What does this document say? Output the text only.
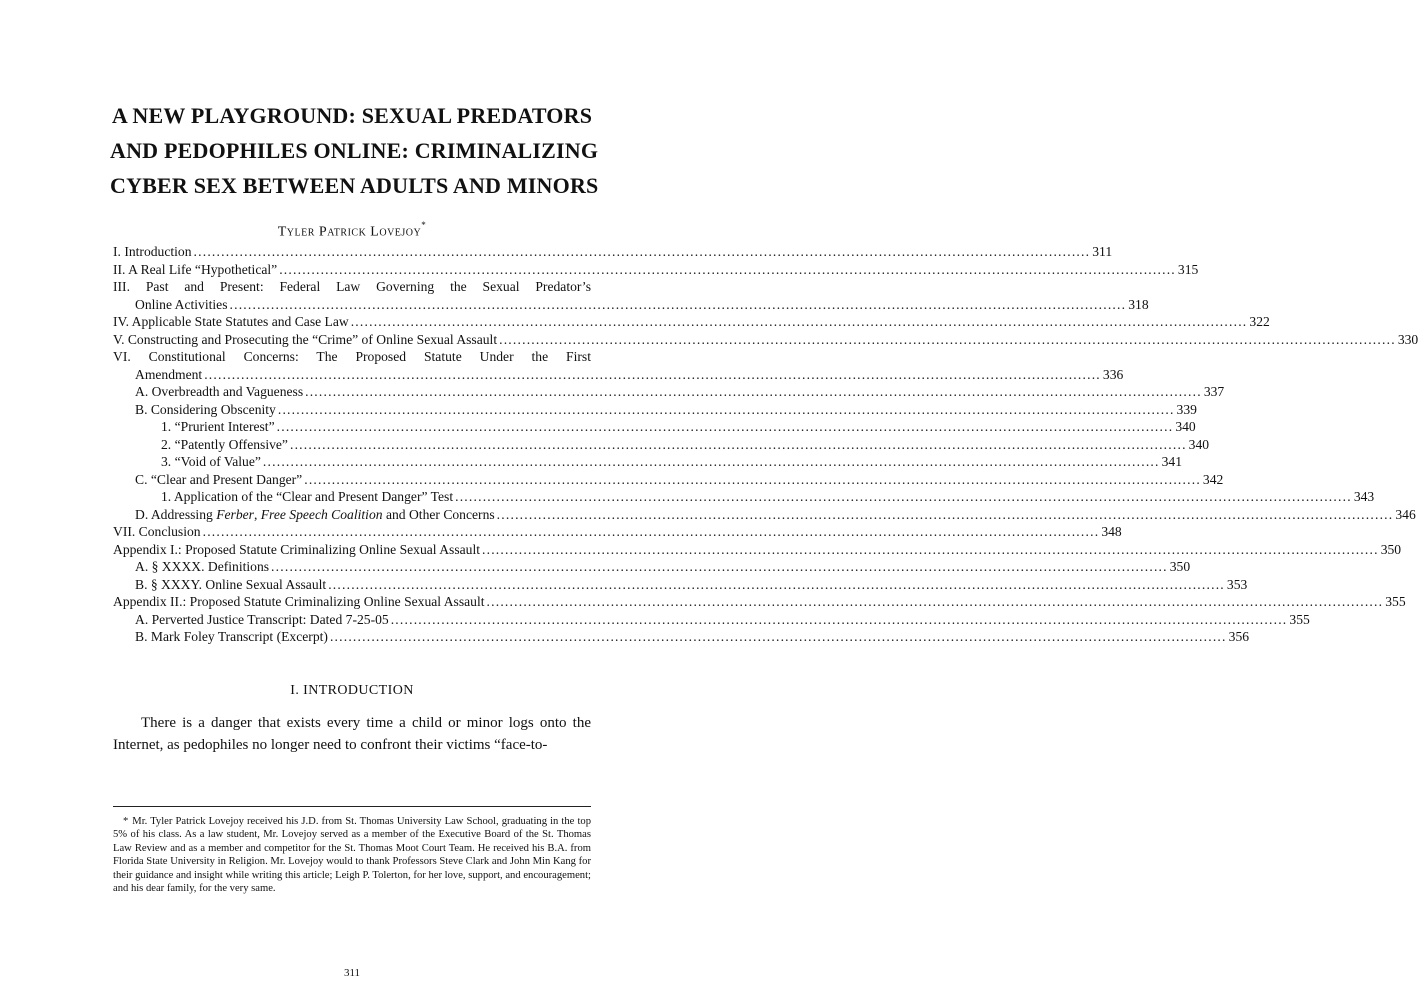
A NEW PLAYGROUND: SEXUAL PREDATORS
AND PEDOPHILES ONLINE: CRIMINALIZING
CYBER SEX BETWEEN ADULTS AND MINORS
Tyler Patrick Lovejoy*
I. Introduction .....	311
II. A Real Life “Hypothetical” .....	315
III. Past and Present: Federal Law Governing the Sexual Predator’s
Online Activities .....	318
IV. Applicable State Statutes and Case Law .....	322
V. Constructing and Prosecuting the “Crime” of Online Sexual Assault .....	330
VI. Constitutional Concerns: The Proposed Statute Under the First
Amendment .....	336
A. Overbreadth and Vagueness .....	337
B. Considering Obscenity .....	339
1. “Prurient Interest” .....	340
2. “Patently Offensive” .....	340
3. “Void of Value” .....	341
C. “Clear and Present Danger” .....	342
1. Application of the “Clear and Present Danger” Test .....	343
D. Addressing Ferber, Free Speech Coalition and Other Concerns .....	346
VII. Conclusion .....	348
Appendix I.: Proposed Statute Criminalizing Online Sexual Assault .....	350
A. § XXXX. Definitions .....	350
B. § XXXY. Online Sexual Assault .....	353
Appendix II.: Proposed Statute Criminalizing Online Sexual Assault .....	355
A. Perverted Justice Transcript: Dated 7-25-05 .....	355
B. Mark Foley Transcript (Excerpt) .....	356
I. INTRODUCTION

There is a danger that exists every time a child or minor logs onto the Internet, as pedophiles no longer need to confront their victims “face-to-

* Mr. Tyler Patrick Lovejoy received his J.D. from St. Thomas University Law School, graduating in the top 5% of his class. As a law student, Mr. Lovejoy served as a member of the Executive Board of the St. Thomas Law Review and as a member and competitor for the St. Thomas Moot Court Team. He received his B.A. from Florida State University in Religion. Mr. Lovejoy would to thank Professors Steve Clark and John Min Kang for their guidance and insight while writing this article; Leigh P. Tolerton, for her love, support, and encouragement; and his dear family, for the very same.
311
